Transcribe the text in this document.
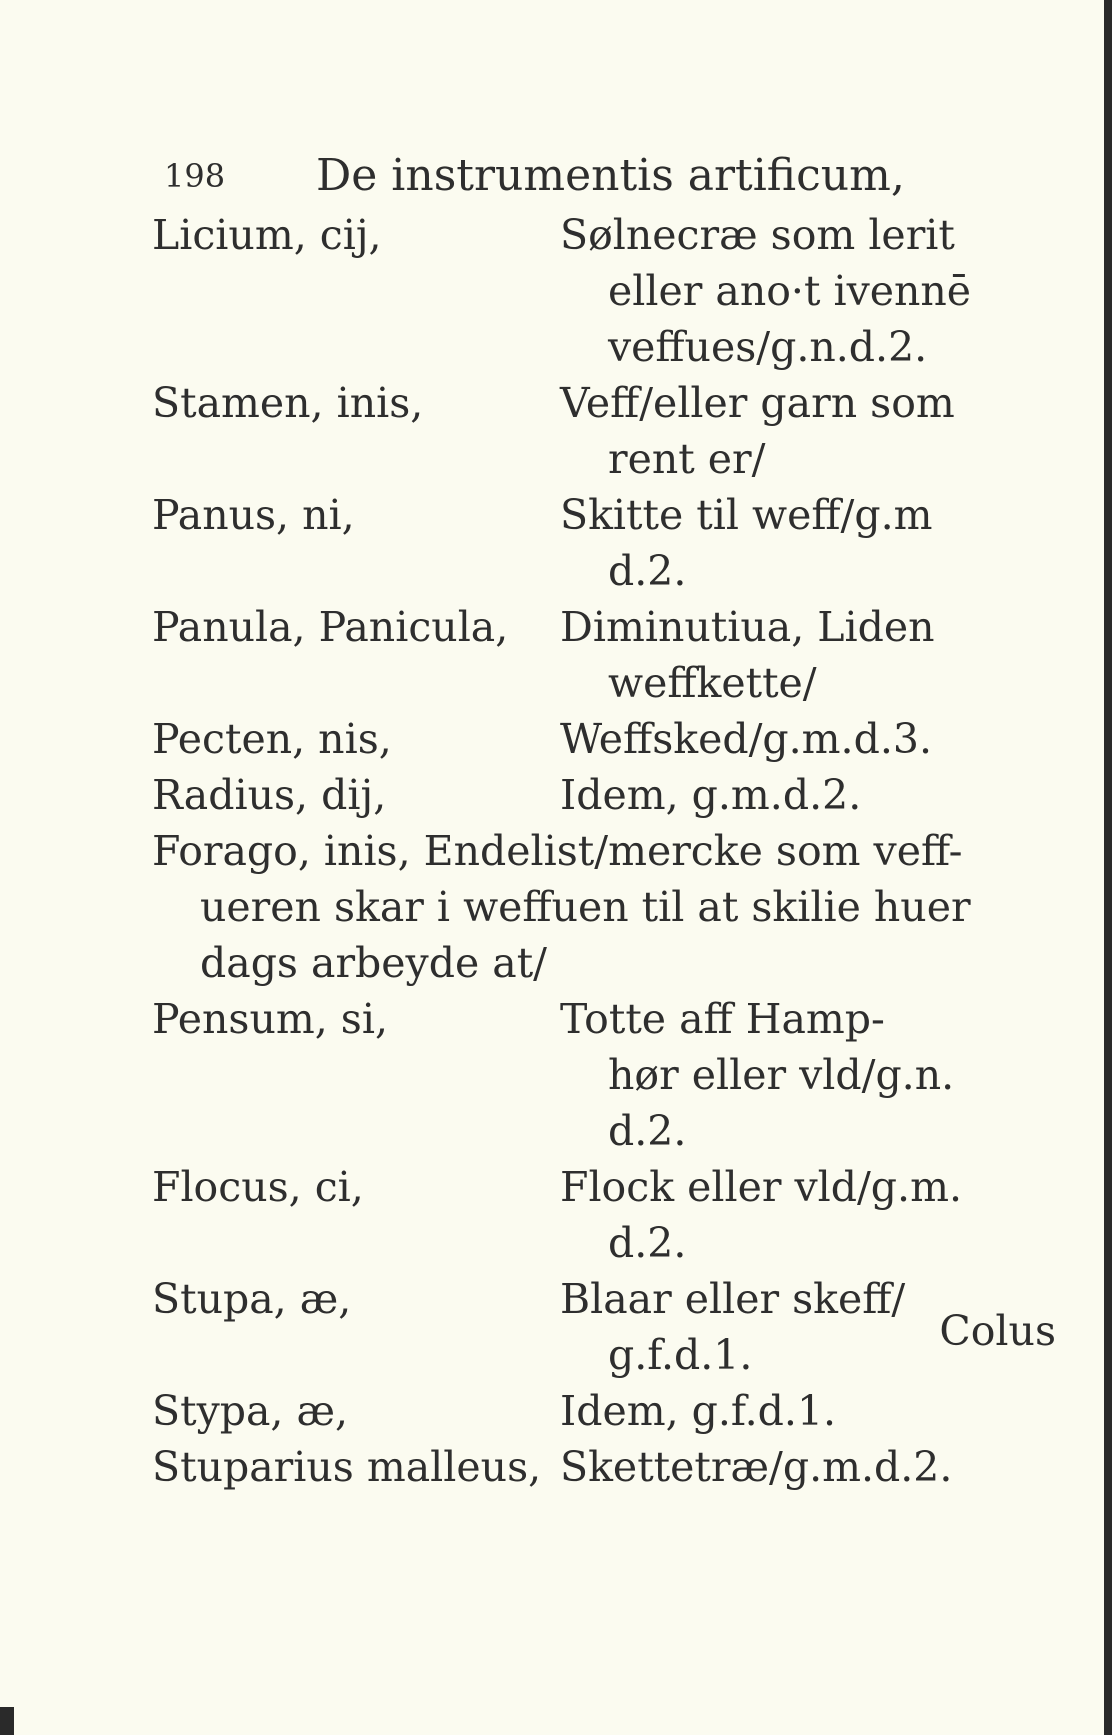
198 De instrumentis artificum,
Licium, cij,	Sølnecræ som lerit
eller ano·t ivennē
veffues/g.n.d.2.
Stamen, inis,	Veff/eller garn som
rent er/
Panus, ni,	Skitte til weff/g.m
d.2.
Panula, Panicula,	Diminutiua, Liden
weffkette/
Pecten, nis,	Weffsked/g.m.d.3.
Radius, dij,	Idem, g.m.d.2.
Forago, inis, Endelist/mercke som veff-
ueren skar i weffuen til at skilie huer
dags arbeyde at/
Pensum, si,	Totte aff Hamp-
hør eller vld/g.n.
d.2.
Flocus, ci,	Flock eller vld/g.m.
d.2.
Stupa, æ,	Blaar eller skeff/
g.f.d.1.
Stypa, æ,	Idem, g.f.d.1.
Stuparius malleus, Skettetræ/g.m.d.2.
Colus
